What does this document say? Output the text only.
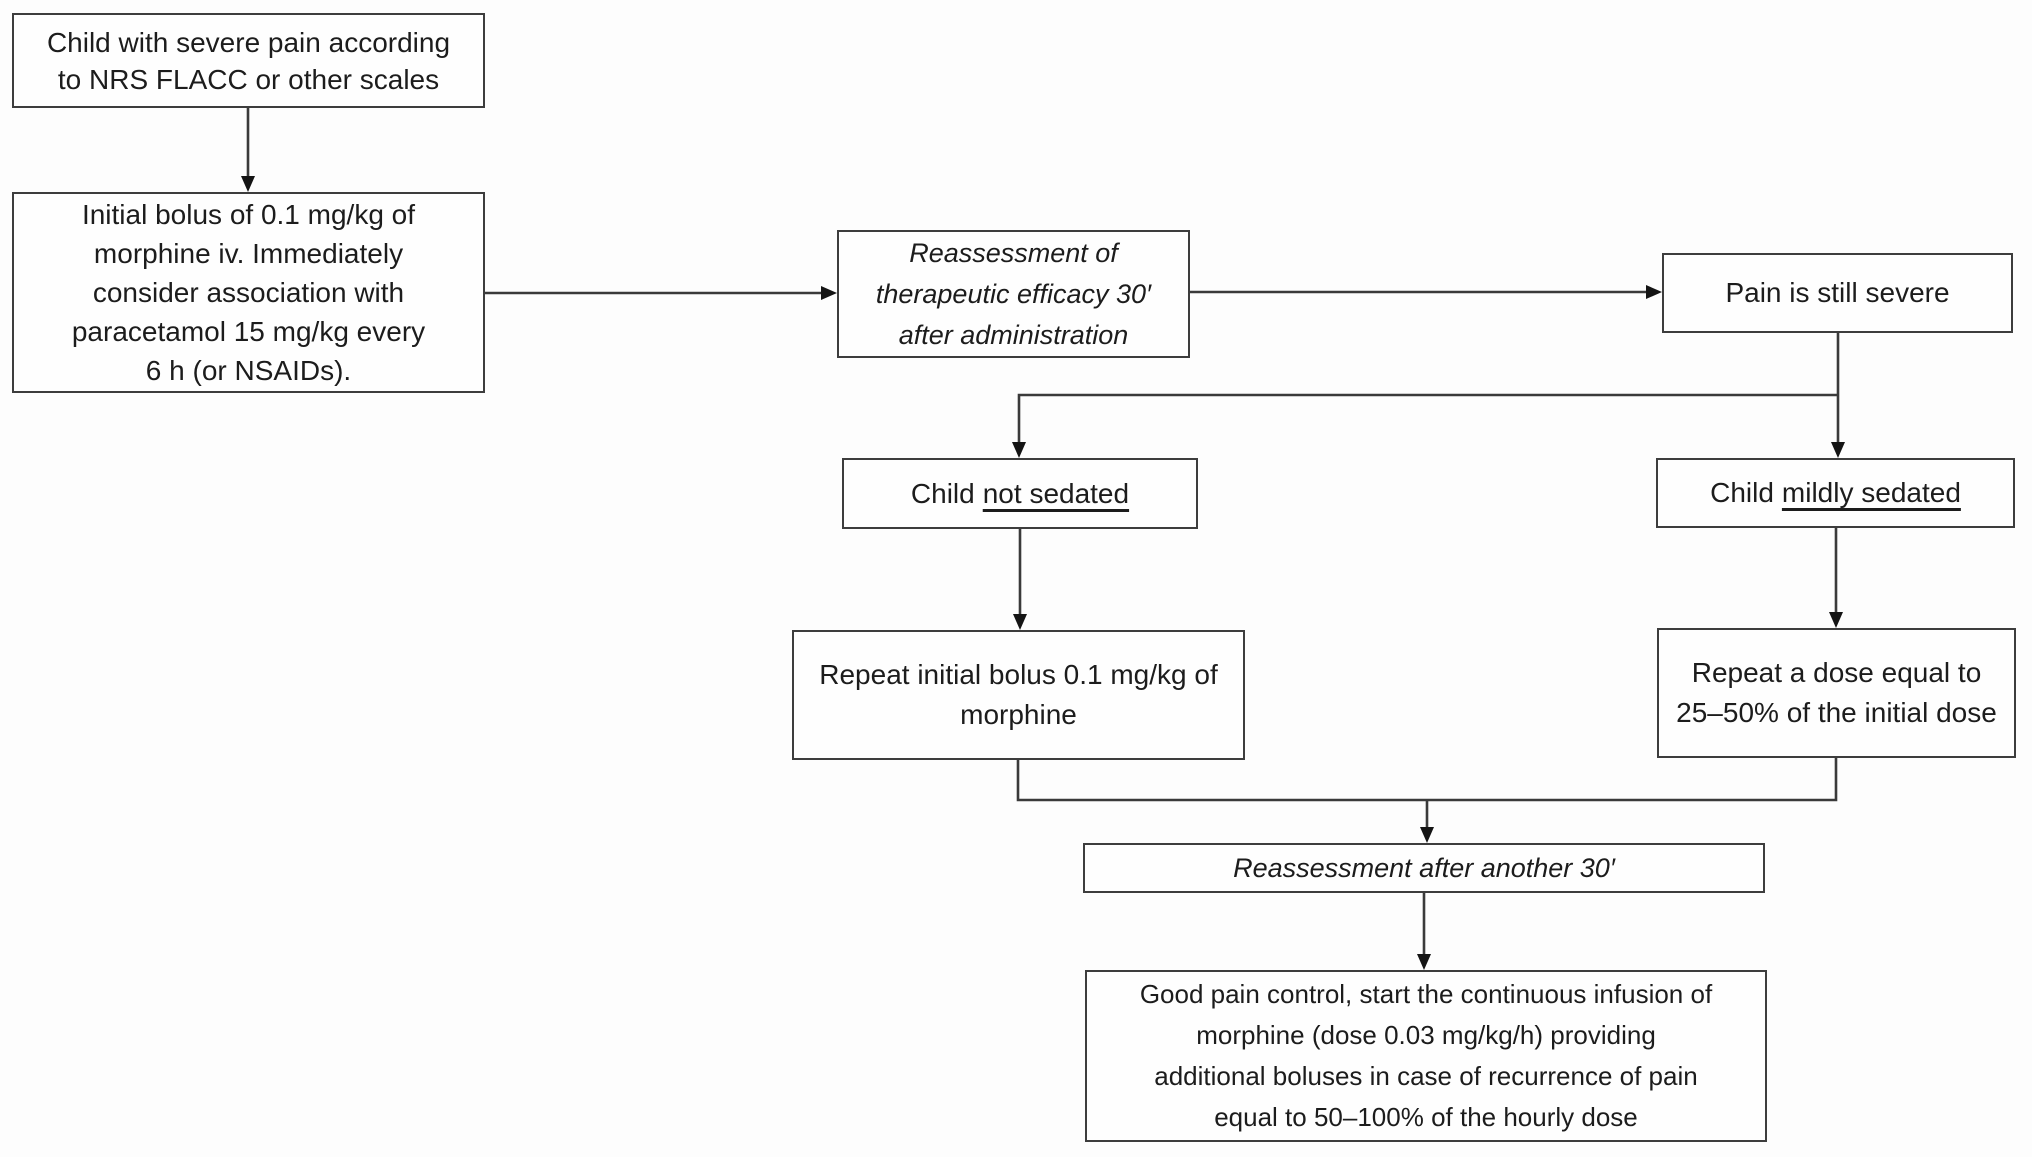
Child with severe pain according
to NRS FLACC or other scales
Initial bolus of 0.1 mg/kg of
morphine iv. Immediately
consider association with
paracetamol 15 mg/kg every
6 h (or NSAIDs).
Reassessment of
therapeutic efficacy 30′
after administration
Pain is still severe
Child not sedated	Child mildly sedated
Repeat initial bolus 0.1 mg/kg of
morphine
Repeat a dose equal to
25–50% of the initial dose
Reassessment after another 30′
Good pain control, start the continuous infusion of
morphine (dose 0.03 mg/kg/h) providing
additional boluses in case of recurrence of pain
equal to 50–100% of the hourly dose
